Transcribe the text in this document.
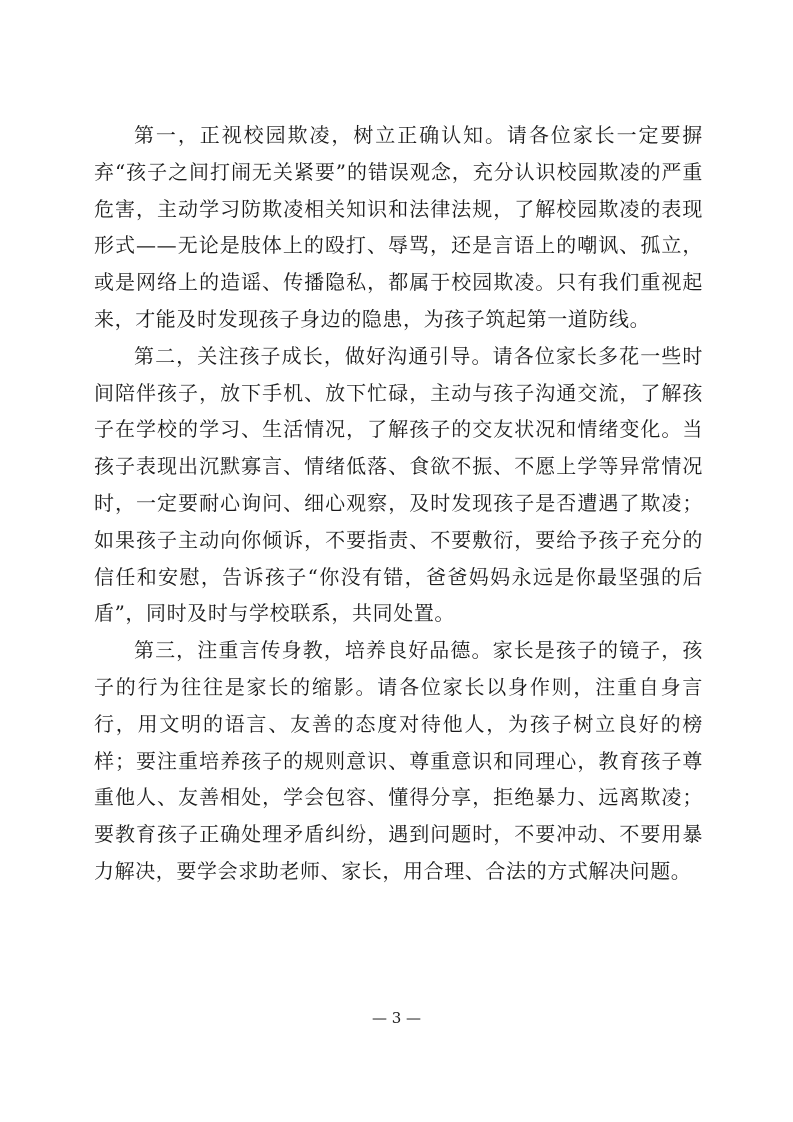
第一，正视校园欺凌，树立正确认知。请各位家长一定要摒弃“孩子之间打闹无关紧要”的错误观念，充分认识校园欺凌的严重危害，主动学习防欺凌相关知识和法律法规，了解校园欺凌的表现形式——无论是肢体上的殴打、辱骂，还是言语上的嘲讽、孤立，或是网络上的造谣、传播隐私，都属于校园欺凌。只有我们重视起来，才能及时发现孩子身边的隐患，为孩子筑起第一道防线。

第二，关注孩子成长，做好沟通引导。请各位家长多花一些时间陪伴孩子，放下手机、放下忙碌，主动与孩子沟通交流，了解孩子在学校的学习、生活情况，了解孩子的交友状况和情绪变化。当孩子表现出沉默寡言、情绪低落、食欲不振、不愿上学等异常情况时，一定要耐心询问、细心观察，及时发现孩子是否遭遇了欺凌；如果孩子主动向你倾诉，不要指责、不要敷衍，要给予孩子充分的信任和安慰，告诉孩子“你没有错，爸爸妈妈永远是你最坚强的后盾”，同时及时与学校联系，共同处置。

第三，注重言传身教，培养良好品德。家长是孩子的镜子，孩子的行为往往是家长的缩影。请各位家长以身作则，注重自身言行，用文明的语言、友善的态度对待他人，为孩子树立良好的榜样；要注重培养孩子的规则意识、尊重意识和同理心，教育孩子尊重他人、友善相处，学会包容、懂得分享，拒绝暴力、远离欺凌；要教育孩子正确处理矛盾纠纷，遇到问题时，不要冲动、不要用暴力解决，要学会求助老师、家长，用合理、合法的方式解决问题。

— 3 —
